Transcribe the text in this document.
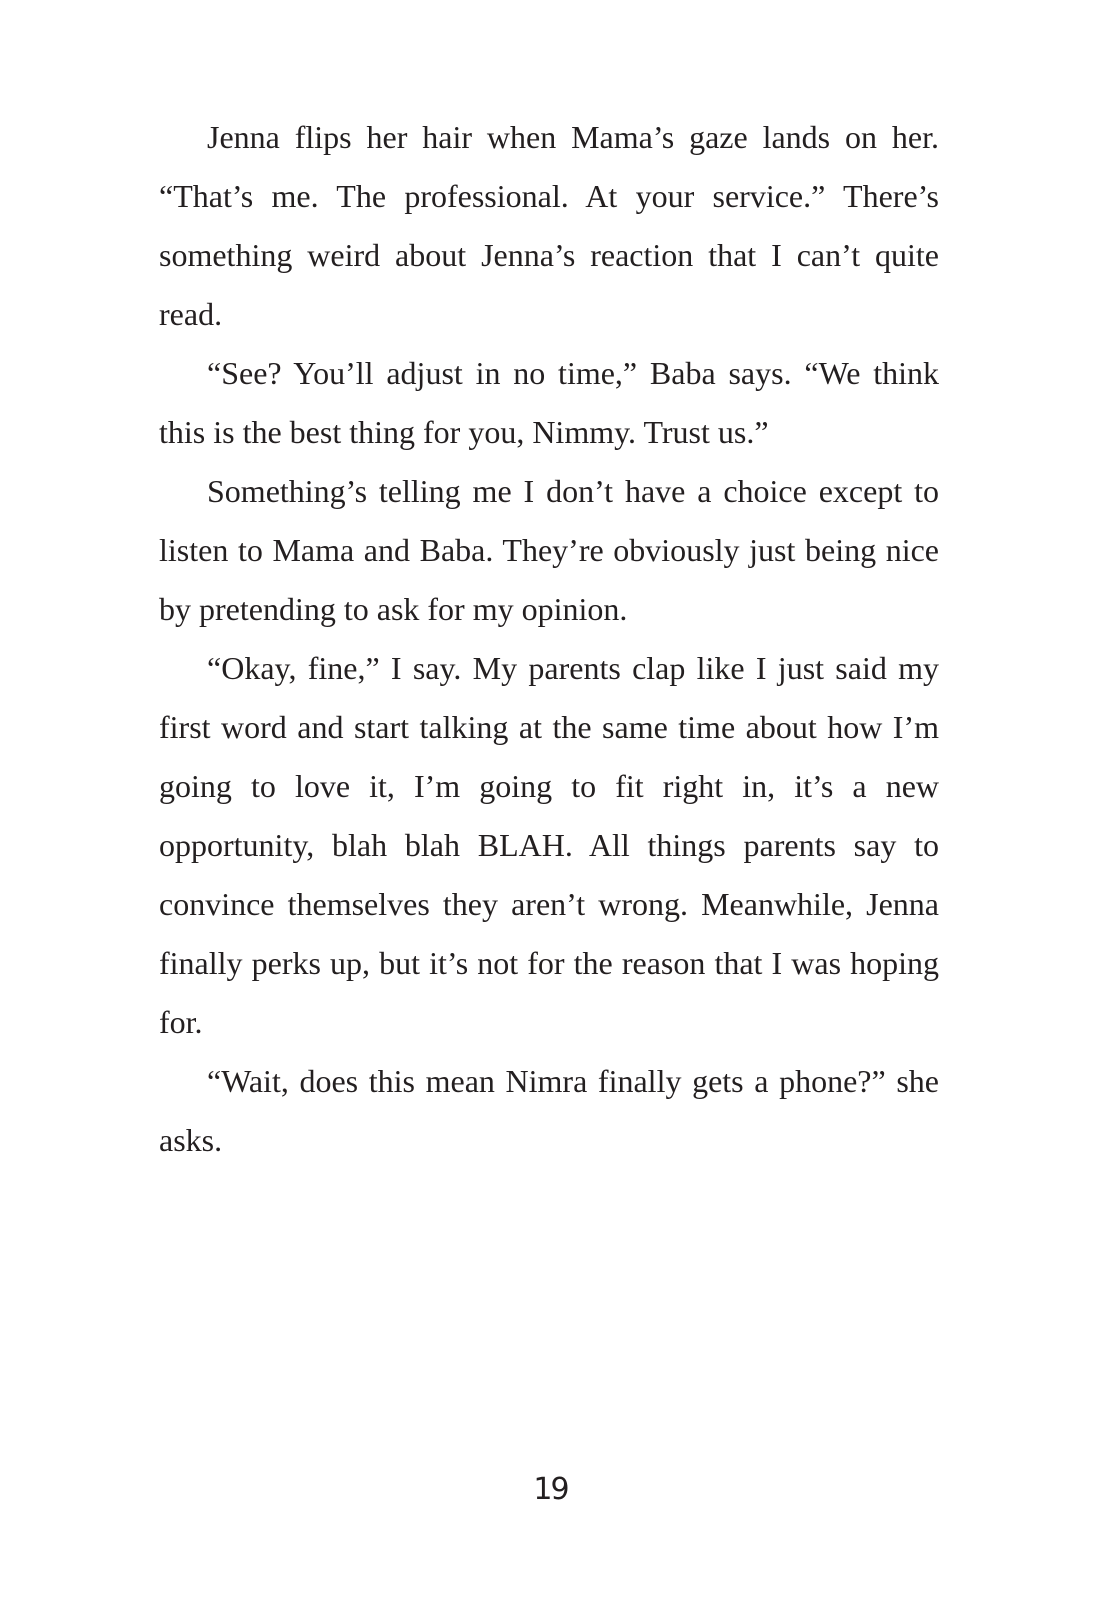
Jenna flips her hair when Mama’s gaze lands on her. “That’s me. The professional. At your service.” There’s something weird about Jenna’s reaction that I can’t quite read.

“See? You’ll adjust in no time,” Baba says. “We think this is the best thing for you, Nimmy. Trust us.”

Something’s telling me I don’t have a choice except to listen to Mama and Baba. They’re obviously just being nice by pretending to ask for my opinion.

“Okay, fine,” I say. My parents clap like I just said my first word and start talking at the same time about how I’m going to love it, I’m going to fit right in, it’s a new opportunity, blah blah BLAH. All things parents say to convince themselves they aren’t wrong. Meanwhile, Jenna finally perks up, but it’s not for the reason that I was hoping for.

“Wait, does this mean Nimra finally gets a phone?” she asks.

19
